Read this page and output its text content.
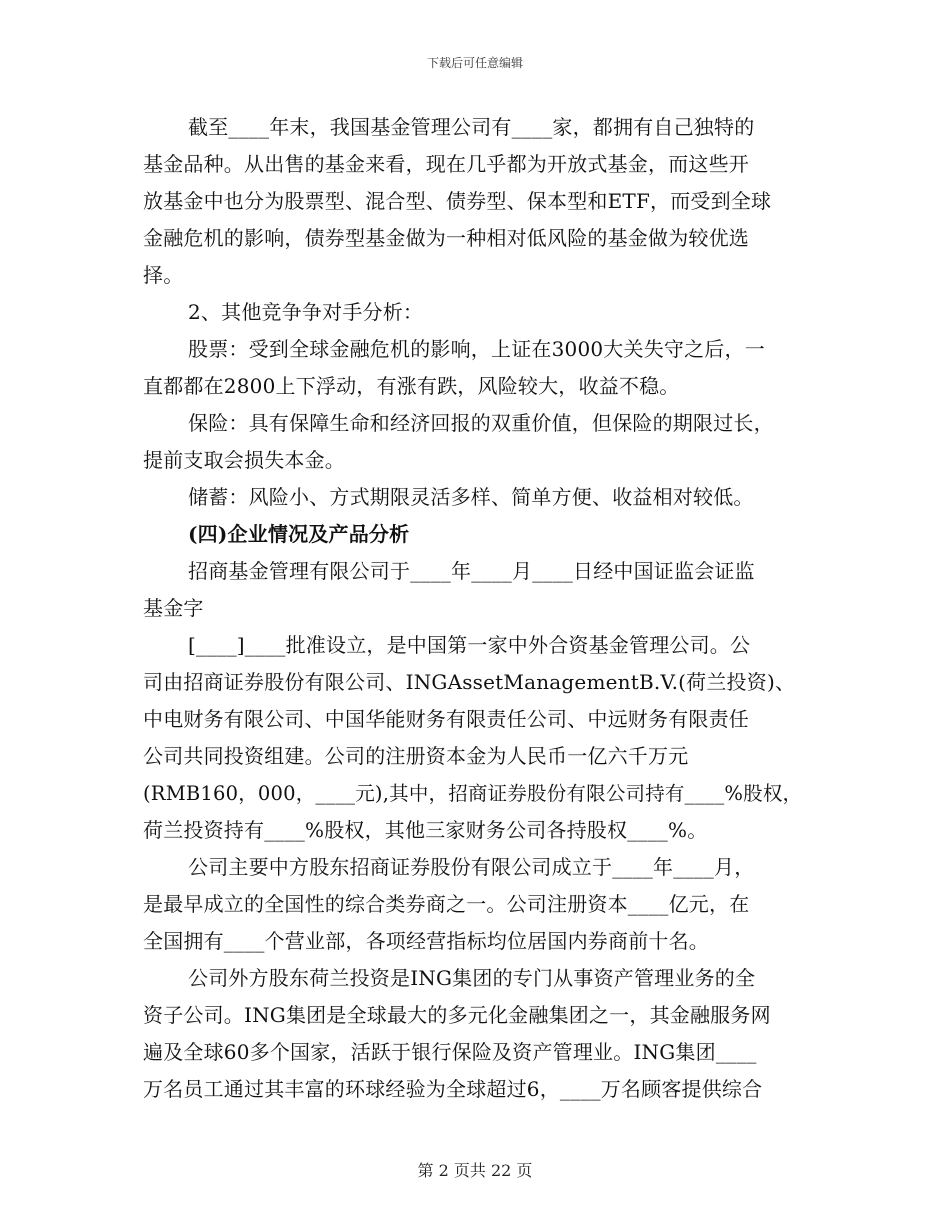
下载后可任意编辑
截至____年末，我国基金管理公司有____家，都拥有自己独特的
基金品种。从出售的基金来看，现在几乎都为开放式基金，而这些开
放基金中也分为股票型、混合型、债券型、保本型和ETF，而受到全球
金融危机的影响，债券型基金做为一种相对低风险的基金做为较优选
择。
2、其他竞争争对手分析：
股票：受到全球金融危机的影响，上证在3000大关失守之后，一
直都都在2800上下浮动，有涨有跌，风险较大，收益不稳。
保险：具有保障生命和经济回报的双重价值，但保险的期限过长，
提前支取会损失本金。
储蓄：风险小、方式期限灵活多样、简单方便、收益相对较低。
(四)企业情况及产品分析
招商基金管理有限公司于____年____月____日经中国证监会证监
基金字
[____]____批准设立，是中国第一家中外合资基金管理公司。公
司由招商证券股份有限公司、INGAssetManagementB.V.(荷兰投资)、
中电财务有限公司、中国华能财务有限责任公司、中远财务有限责任
公司共同投资组建。公司的注册资本金为人民币一亿六千万元
(RMB160，000，____元),其中，招商证券股份有限公司持有____%股权，
荷兰投资持有____%股权，其他三家财务公司各持股权____%。
公司主要中方股东招商证券股份有限公司成立于____年____月，
是最早成立的全国性的综合类券商之一。公司注册资本____亿元，在
全国拥有____个营业部，各项经营指标均位居国内券商前十名。
公司外方股东荷兰投资是ING集团的专门从事资产管理业务的全
资子公司。ING集团是全球最大的多元化金融集团之一，其金融服务网
遍及全球60多个国家，活跃于银行保险及资产管理业。ING集团____
万名员工通过其丰富的环球经验为全球超过6，____万名顾客提供综合
第 2 页共 22 页
